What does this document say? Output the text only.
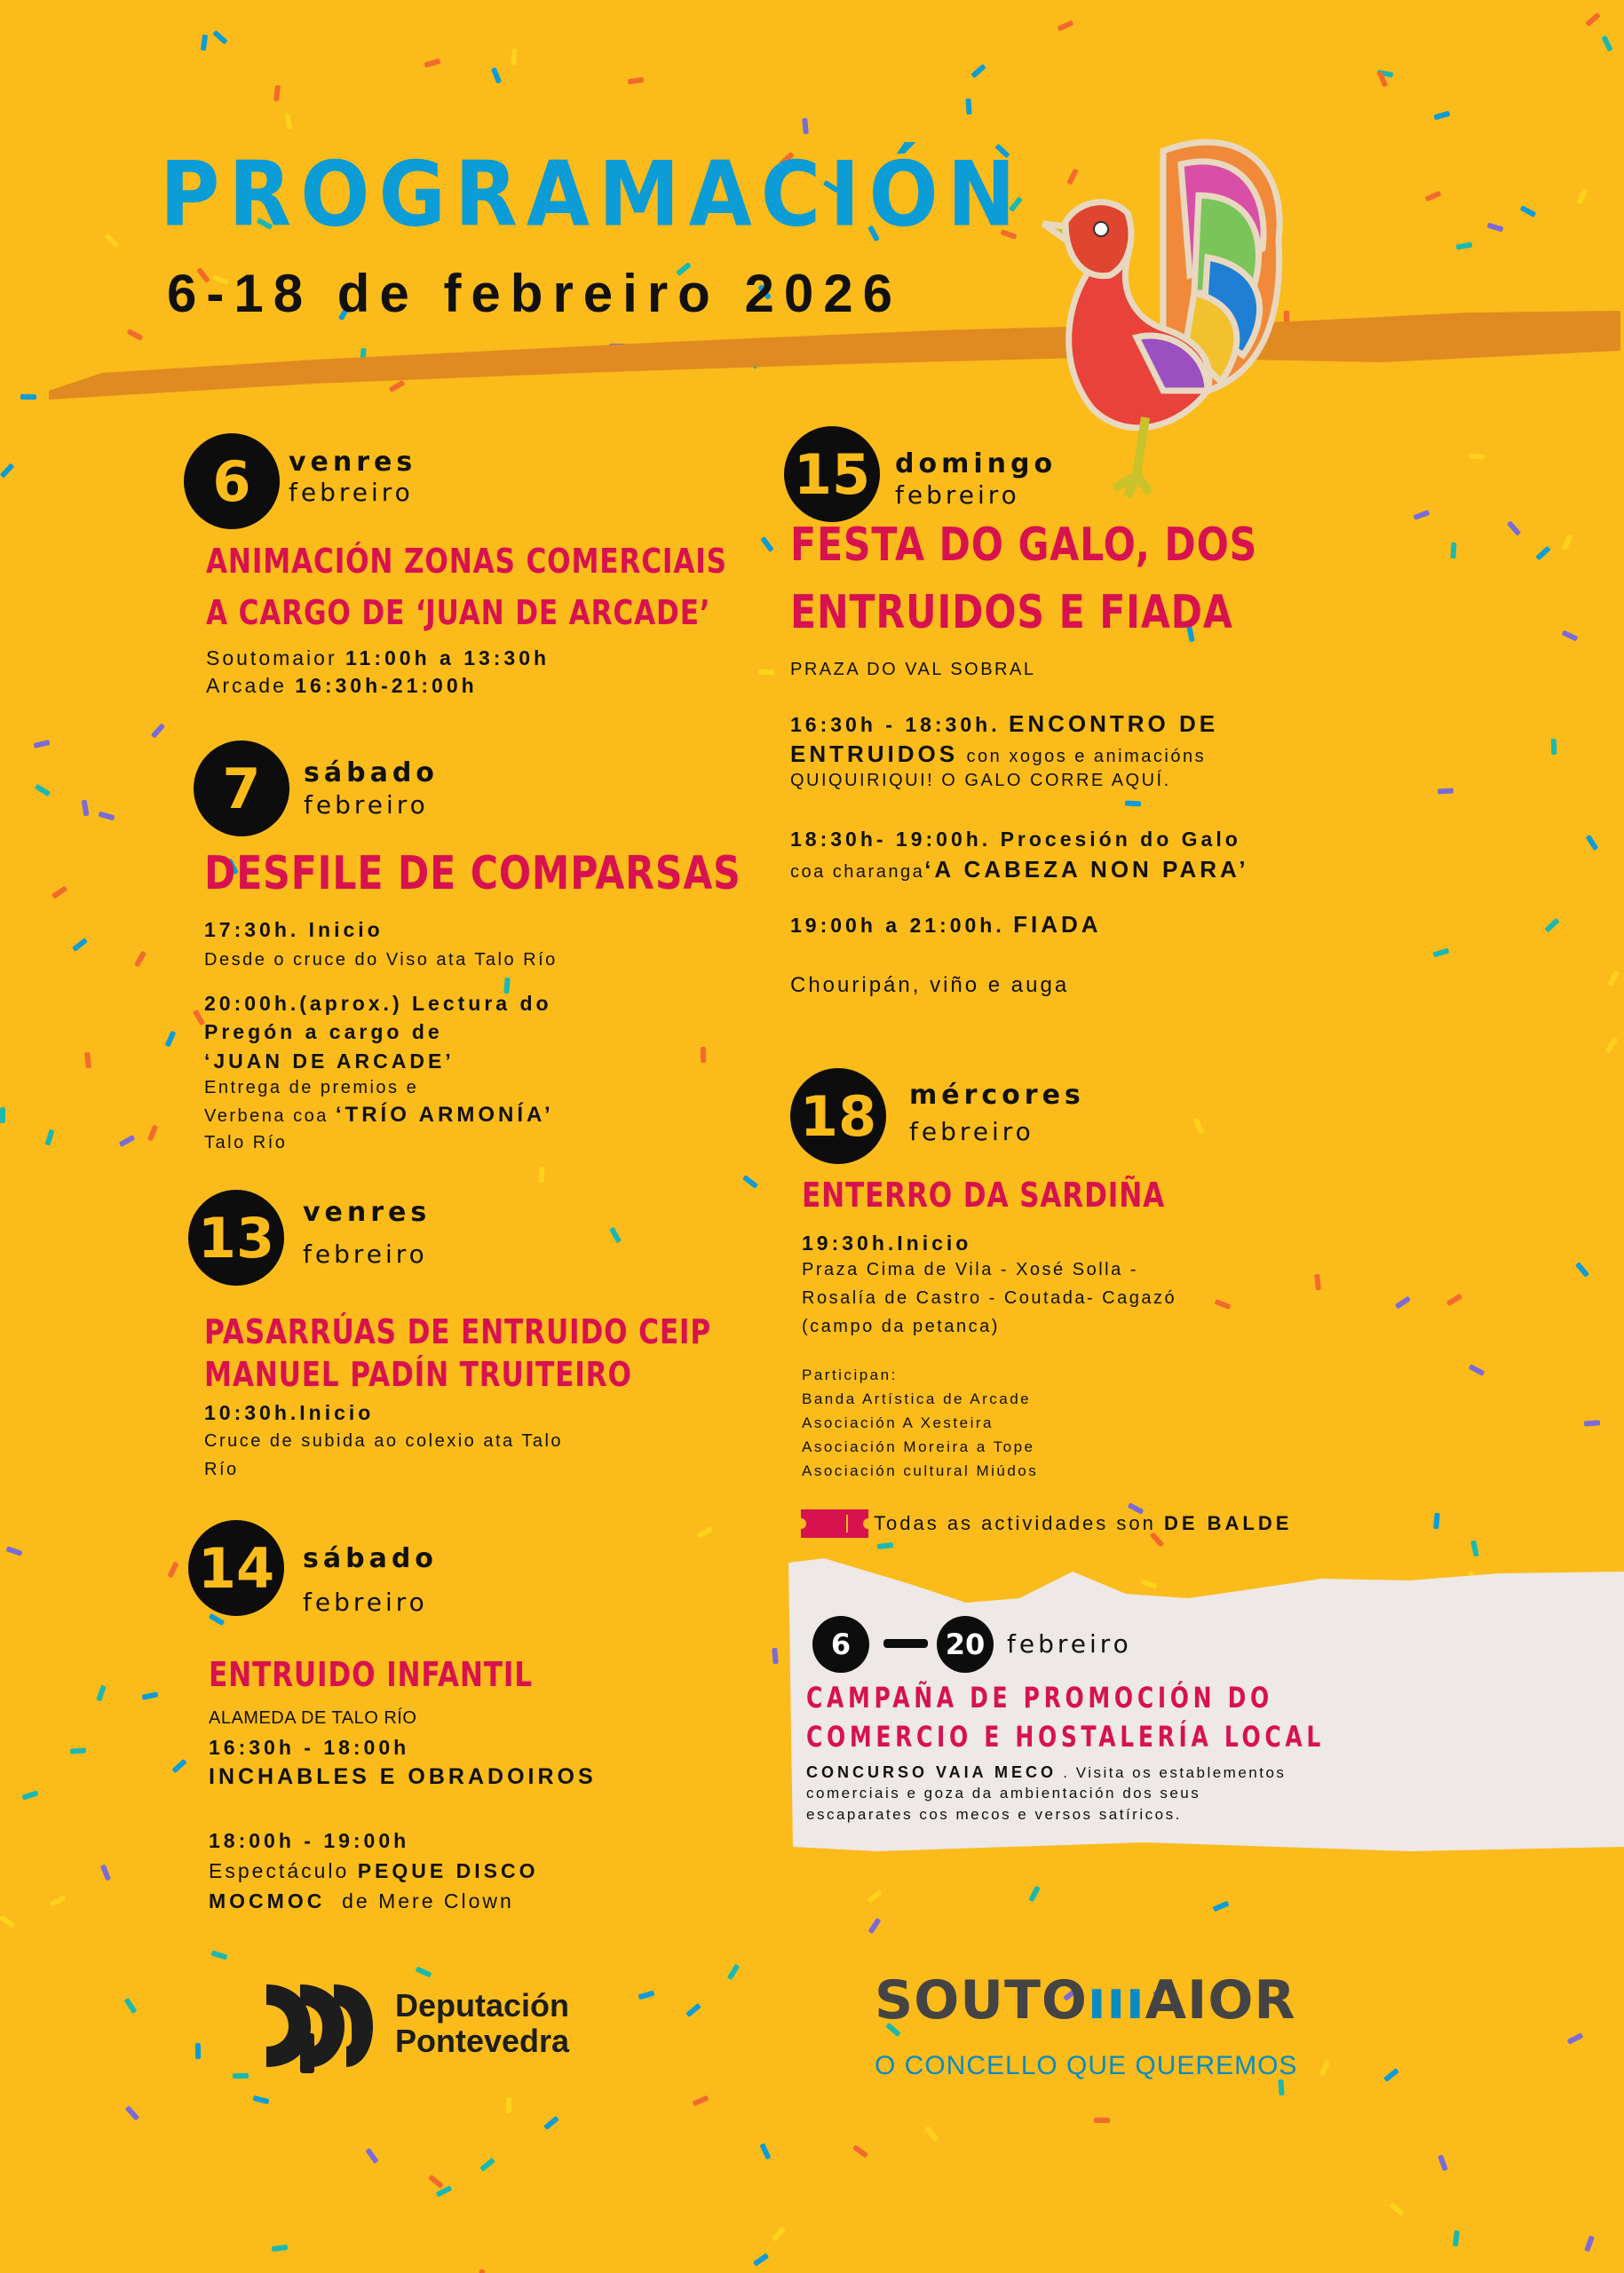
PROGRAMACIÓN
6-18 de febreiro 2026
6	venres
febreiro
ANIMACIÓN ZONAS COMERCIAIS
A CARGO DE ‘JUAN DE ARCADE’
Soutomaior 11:00h a 13:30h
Arcade 16:30h-21:00h
7	sábado
febreiro
DESFILE DE COMPARSAS
17:30h. Inicio
Desde o cruce do Viso ata Talo Río
20:00h.(aprox.) Lectura do
Pregón a cargo de
‘JUAN DE ARCADE’
Entrega de premios e
Verbena coa ‘TRÍO ARMONÍA’
Talo Río
13	venres
febreiro
PASARRÚAS DE ENTRUIDO CEIP
MANUEL PADÍN TRUITEIRO
10:30h.Inicio
Cruce de subida ao colexio ata Talo
Río
14	sábado
febreiro
ENTRUIDO INFANTIL
ALAMEDA DE TALO RÍO
16:30h - 18:00h
INCHABLES E OBRADOIROS
18:00h - 19:00h
Espectáculo PEQUE DISCO
MOCMOC de Mere Clown
15 domingo
febreiro
FESTA DO GALO, DOS
ENTRUIDOS E FIADA
PRAZA DO VAL SOBRAL
16:30h - 18:30h. ENCONTRO DE
ENTRUIDOS con xogos e animacións
QUIQUIRIQUI! O GALO CORRE AQUÍ.
18:30h- 19:00h. Procesión do Galo
coa charanga‘A CABEZA NON PARA’
19:00h a 21:00h. FIADA
Chouripán, viño e auga
18	mércores
febreiro
ENTERRO DA SARDIÑA
19:30h.Inicio
Praza Cima de Vila - Xosé Solla -
Rosalía de Castro - Coutada- Cagazó
(campo da petanca)
Participan:
Banda Artística de Arcade
Asociación A Xesteira
Asociación Moreira a Tope
Asociación cultural Miúdos
Todas as actividades son DE BALDE
6	20 febreiro
CAMPAÑA DE PROMOCIÓN DO
COMERCIO E HOSTALERÍA LOCAL
CONCURSO VAIA MECO . Visita os establementos
comerciais e goza da ambientación dos seus
escaparates cos mecos e versos satíricos.
Deputación
Pontevedra
SOUTOıııAIOR
O CONCELLO QUE QUEREMOS
